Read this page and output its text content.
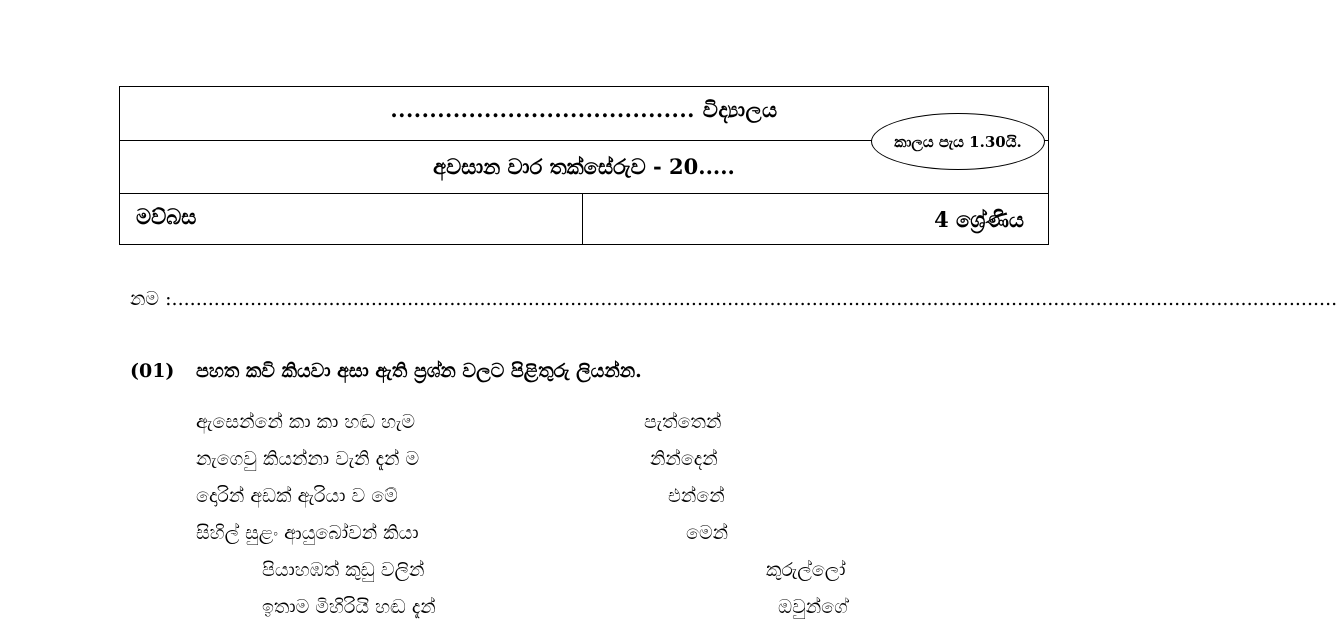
....................................... විද්‍යාලය
අවසාන වාර තක්සේරුව - 20.....
මව්බස	4 ශ්‍රේණිය
කාලය පැය 1.30යි.
නම :.................................................................................................................................................................................................
(01) පහත කවි කියවා අසා ඇති ප්‍රශ්න වලට පිළිතුරු ලියන්න.
ඇසෙන්නේ කා කා හඬ හැම	පැත්තෙන්
නැගෙවු කියන්නා වැනි දැන් ම	නින්දෙන්
දොරින් අඩක් ඇරියා ව මේ	එන්නේ
සිහිල් සුළං ආයුබෝවන් කියා	මෙන්
පියාහඹත් කුඩු වලින්	කුරුල්ලෝ
ඉතාම මිහිරියි හඬ දැන්	ඔවුන්ගේ
